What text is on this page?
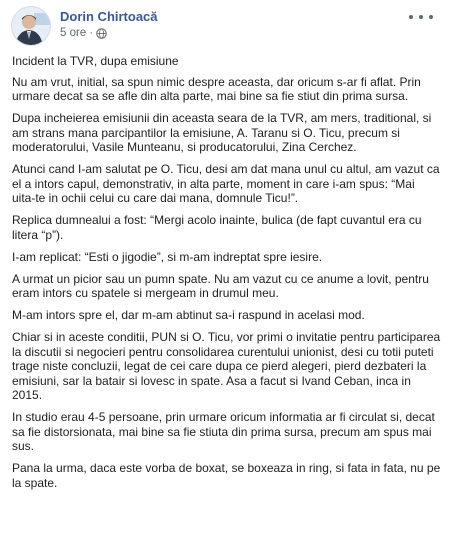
Dorin Chirtoacă
5 ore ·

Incident la TVR, dupa emisiune

Nu am vrut, initial, sa spun nimic despre aceasta, dar oricum s-ar fi aflat. Prin urmare decat sa se afle din alta parte, mai bine sa fie stiut din prima sursa.

Dupa incheierea emisiunii din aceasta seara de la TVR, am mers, traditional, si am strans mana parcipantilor la emisiune, A. Taranu si O. Ticu, precum si moderatorului, Vasile Munteanu, si producatorului, Zina Cerchez.

Atunci cand I-am salutat pe O. Ticu, desi am dat mana unul cu altul, am vazut ca el a intors capul, demonstrativ, in alta parte, moment in care i-am spus: “Mai uita-te in ochii celui cu care dai mana, domnule Ticu!”.

Replica dumnealui a fost: “Mergi acolo inainte, bulica (de fapt cuvantul era cu litera “p”).

I-am replicat: “Esti o jigodie”, si m-am indreptat spre iesire.

A urmat un picior sau un pumn spate. Nu am vazut cu ce anume a lovit, pentru eram intors cu spatele si mergeam in drumul meu.

M-am intors spre el, dar m-am abtinut sa-i raspund in acelasi mod.

Chiar si in aceste conditii, PUN si O. Ticu, vor primi o invitatie pentru participarea la discutii si negocieri pentru consolidarea curentului unionist, desi cu totii puteti trage niste concluzii, legat de cei care dupa ce pierd alegeri, pierd dezbateri la emisiuni, sar la batair si lovesc in spate. Asa a facut si Ivand Ceban, inca in 2015.

In studio erau 4-5 persoane, prin urmare oricum informatia ar fi circulat si, decat sa fie distorsionata, mai bine sa fie stiuta din prima sursa, precum am spus mai sus.

Pana la urma, daca este vorba de boxat, se boxeaza in ring, si fata in fata, nu pe la spate.
